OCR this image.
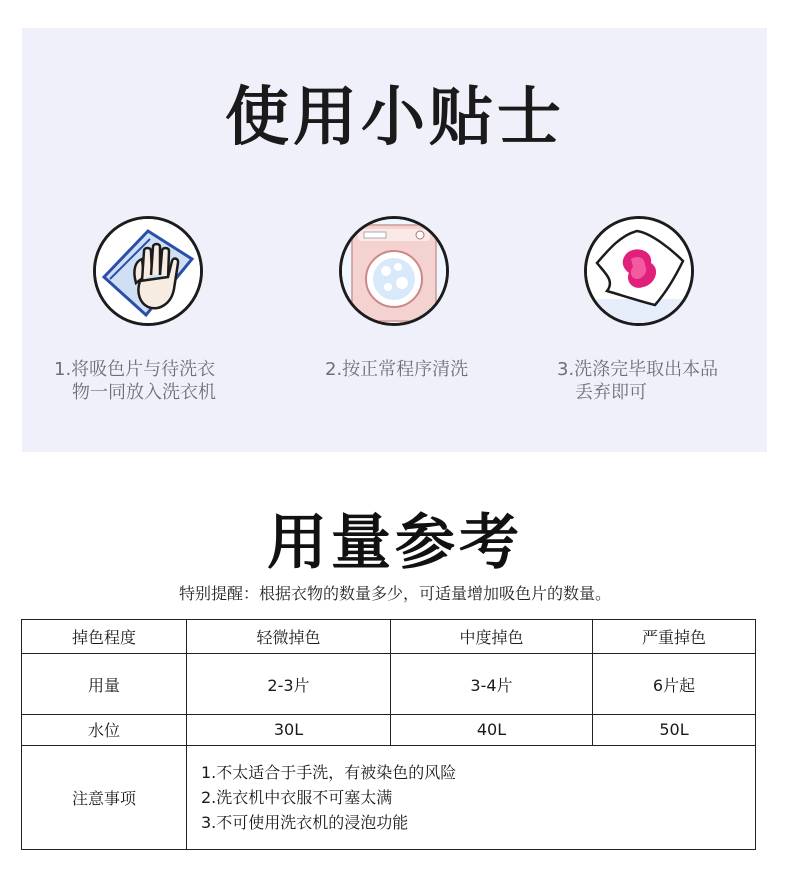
使用小贴士
1.将吸色片与待洗衣
物一同放入洗衣机
2.按正常程序清洗	3.洗涤完毕取出本品
丢弃即可
用量参考
特别提醒：根据衣物的数量多少，可适量增加吸色片的数量。
掉色程度	轻微掉色	中度掉色	严重掉色
用量	2-3片	3-4片	6片起
水位	30L	40L	50L
注意事项	1.不太适合于手洗，有被染色的风险
2.洗衣机中衣服不可塞太满
3.不可使用洗衣机的浸泡功能		
